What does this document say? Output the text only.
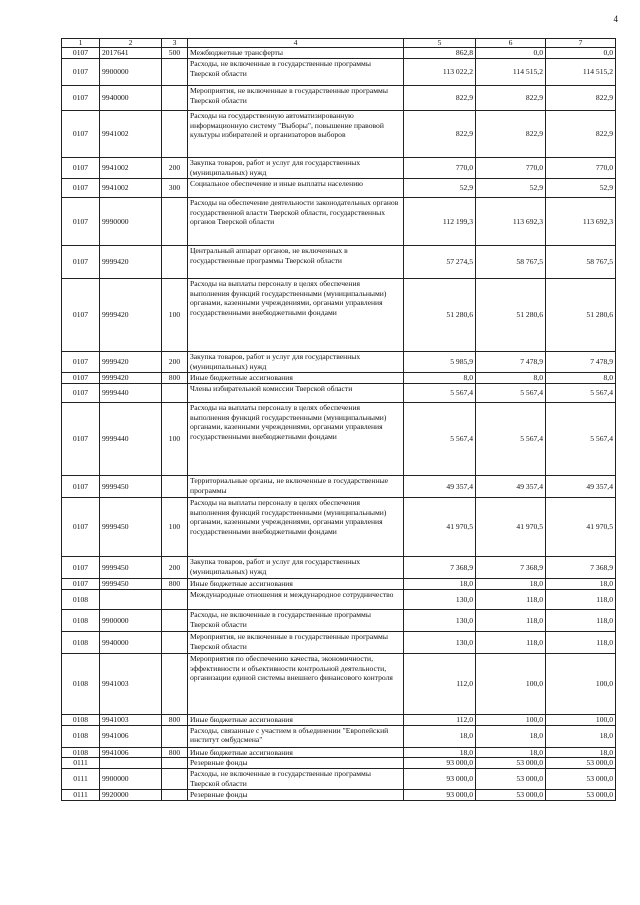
4
1	2	3	4	5	6	7
0107	2017641	500	Межбюджетные трансферты	862,8	0,0	0,0
0107	9900000		Расходы, не включенные в государственные программы Тверской области	113 022,2	114 515,2	114 515,2
0107	9940000		Мероприятия, не включенные в государственные программы Тверской области	822,9	822,9	822,9
0107	9941002		Расходы на государственную автоматизированную информационную систему "Выборы", повышение правовой культуры избирателей и организаторов выборов	822,9	822,9	822,9
0107	9941002	200	Закупка товаров, работ и услуг для государственных (муниципальных) нужд	770,0	770,0	770,0
0107	9941002	300	Социальное обеспечение и иные выплаты населению	52,9	52,9	52,9
0107	9990000		Расходы на обеспечение деятельности законодательных органов государственной власти Тверской области, государственных органов Тверской области	112 199,3	113 692,3	113 692,3
0107	9999420		Центральный аппарат органов, не включенных в государственные программы Тверской области	57 274,5	58 767,5	58 767,5
0107	9999420	100	Расходы на выплаты персоналу в целях обеспечения выполнения функций государственными (муниципальными) органами, казенными учреждениями, органами управления государственными внебюджетными фондами	51 280,6	51 280,6	51 280,6
0107	9999420	200	Закупка товаров, работ и услуг для государственных (муниципальных) нужд	5 985,9	7 478,9	7 478,9
0107	9999420	800	Иные бюджетные ассигнования	8,0	8,0	8,0
0107	9999440		Члены избирательной комиссии Тверской области	5 567,4	5 567,4	5 567,4
0107	9999440	100	Расходы на выплаты персоналу в целях обеспечения выполнения функций государственными (муниципальными) органами, казенными учреждениями, органами управления государственными внебюджетными фондами	5 567,4	5 567,4	5 567,4
0107	9999450		Территориальные органы, не включенные в государственные программы	49 357,4	49 357,4	49 357,4
0107	9999450	100	Расходы на выплаты персоналу в целях обеспечения выполнения функций государственными (муниципальными) органами, казенными учреждениями, органами управления государственными внебюджетными фондами	41 970,5	41 970,5	41 970,5
0107	9999450	200	Закупка товаров, работ и услуг для государственных (муниципальных) нужд	7 368,9	7 368,9	7 368,9
0107	9999450	800	Иные бюджетные ассигнования	18,0	18,0	18,0
0108			Международные отношения и международное сотрудничество	130,0	118,0	118,0
0108	9900000		Расходы, не включенные в государственные программы Тверской области	130,0	118,0	118,0
0108	9940000		Мероприятия, не включенные в государственные программы Тверской области	130,0	118,0	118,0
0108	9941003		Мероприятия по обеспечению качества, экономичности, эффективности и объективности контрольной деятельности, организации единой системы внешнего финансового контроля	112,0	100,0	100,0
0108	9941003	800	Иные бюджетные ассигнования	112,0	100,0	100,0
0108	9941006		Расходы, связанные с участием в объединении "Европейский институт омбудсмена"	18,0	18,0	18,0
0108	9941006	800	Иные бюджетные ассигнования	18,0	18,0	18,0
0111			Резервные фонды	93 000,0	53 000,0	53 000,0
0111	9900000		Расходы, не включенные в государственные программы Тверской области	93 000,0	53 000,0	53 000,0
0111	9920000		Резервные фонды	93 000,0	53 000,0	53 000,0
